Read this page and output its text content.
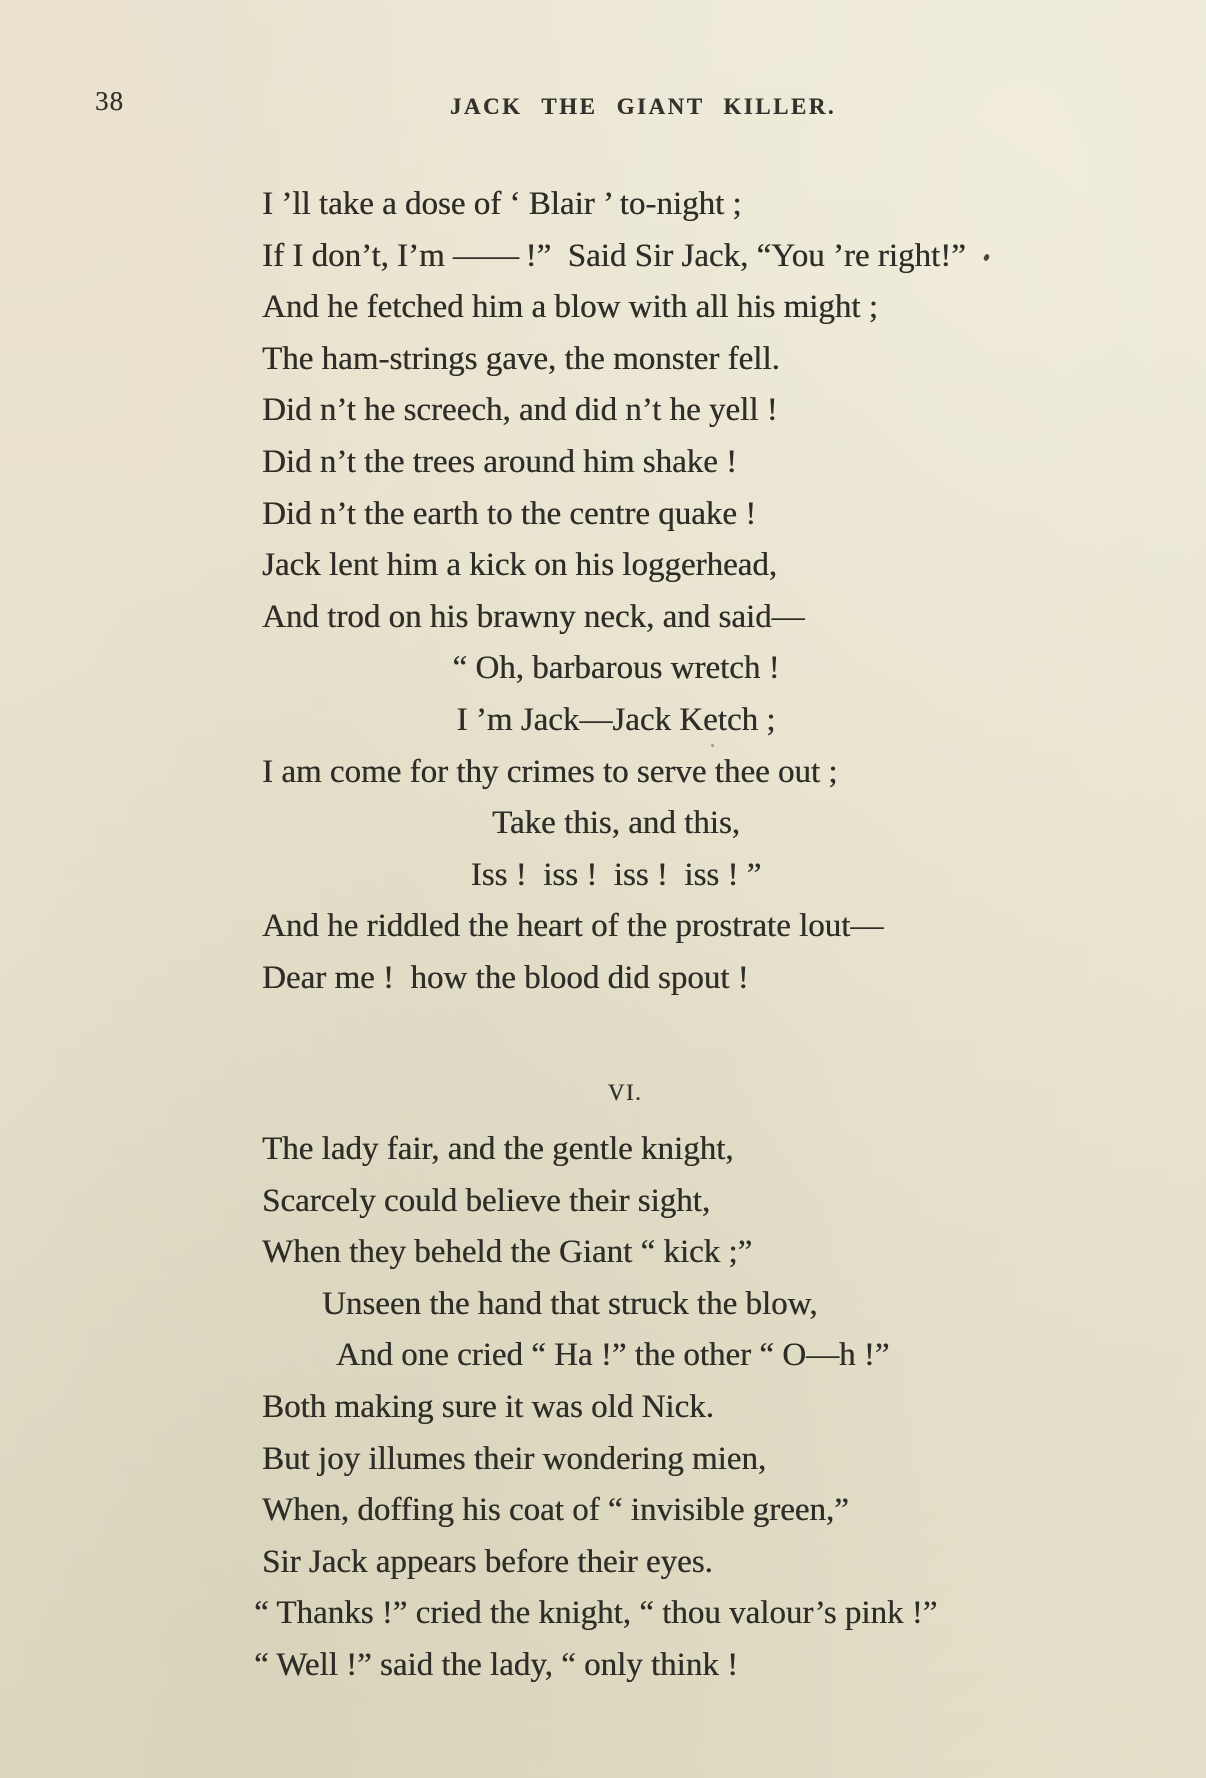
38	JACK THE GIANT KILLER.
I ’ll take a dose of ‘ Blair ’ to-night ;
If I don’t, I’m —— !”  Said Sir Jack, “You ’re right!”
And he fetched him a blow with all his might ;
The ham-strings gave, the monster fell.
Did n’t he screech, and did n’t he yell !
Did n’t the trees around him shake !
Did n’t the earth to the centre quake !
Jack lent him a kick on his loggerhead,
And trod on his brawny neck, and said—
“ Oh, barbarous wretch !
I ’m Jack—Jack Ketch ;
I am come for thy crimes to serve thee out ;
Take this, and this,
Iss !  iss !  iss !  iss ! ”
And he riddled the heart of the prostrate lout—
Dear me !  how the blood did spout !
VI.
The lady fair, and the gentle knight,
Scarcely could believe their sight,
When they beheld the Giant “ kick ;”
Unseen the hand that struck the blow,
And one cried “ Ha !” the other “ O—h !”
Both making sure it was old Nick.
But joy illumes their wondering mien,
When, doffing his coat of “ invisible green,”
Sir Jack appears before their eyes.
“ Thanks !” cried the knight, “ thou valour’s pink !”
“ Well !” said the lady, “ only think !
